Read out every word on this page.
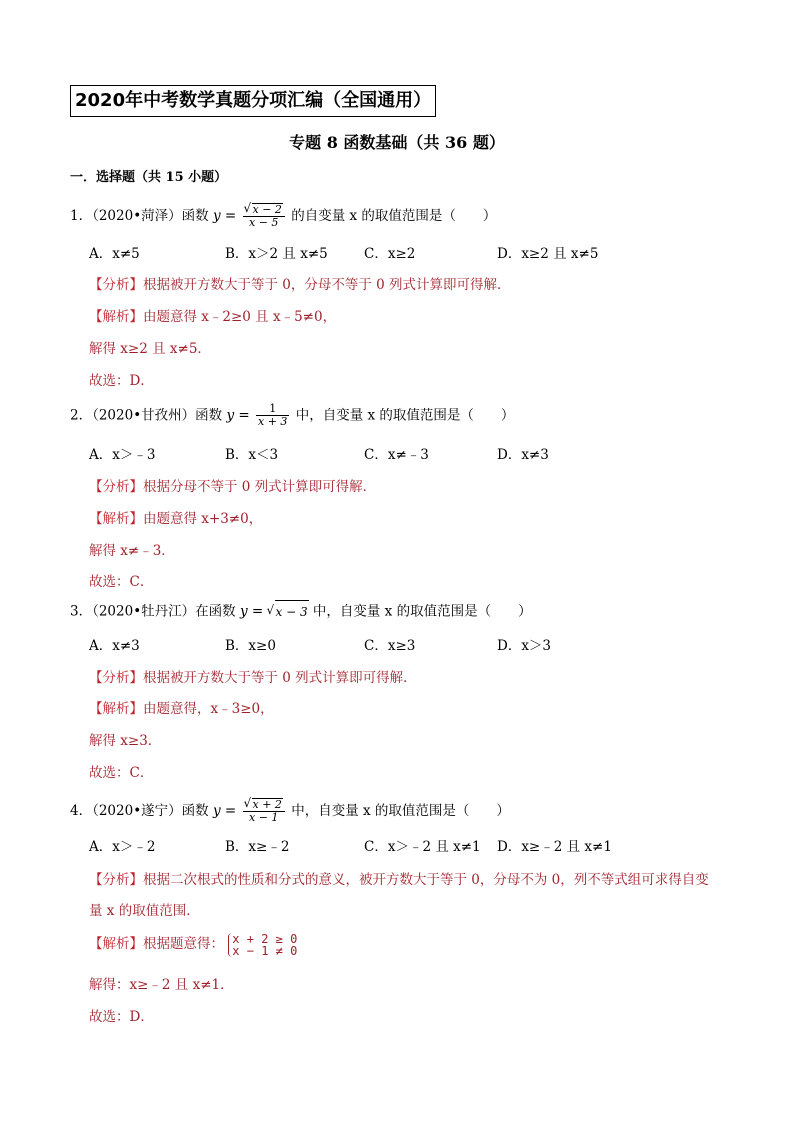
2020年中考数学真题分项汇编（全国通用）
专题 8 函数基础（共 36 题）
一．选择题（共 15 小题）
1．（2020•菏泽）函数 y = √ $\frac{x - 2}{x - 5}$ 的自变量 x 的取值范围是（　　）
A．x≠5	B．x＞2 且 x≠5	C．x≥2	D．x≥2 且 x≠5
【分析】根据被开方数大于等于 0，分母不等于 0 列式计算即可得解．
【解析】由题意得 x﹣2≥0 且 x﹣5≠0，
解得 x≥2 且 x≠5．
故选：D．
2．（2020•甘孜州）函数 $y = \frac{1}{x + 3}$ 中，自变量 x 的取值范围是（　　）
A．x＞﹣3	B．x＜3	C．x≠﹣3	D．x≠3
【分析】根据分母不等于 0 列式计算即可得解．
【解析】由题意得 x+3≠0，
解得 x≠﹣3．
故选：C．
3．（2020•牡丹江）在函数 y = √ x − 3 中，自变量 x 的取值范围是（　　）
A．x≠3	B．x≥0	C．x≥3	D．x＞3
【分析】根据被开方数大于等于 0 列式计算即可得解．
【解析】由题意得，x﹣3≥0，
解得 x≥3．
故选：C．
4．（2020•遂宁）函数 y = √ $\frac{x + 2}{x - 1}$ 中，自变量 x 的取值范围是（　　）
A．x＞﹣2	B．x≥﹣2	C．x＞﹣2 且 x≠1 D．x≥﹣2 且 x≠1
【分析】根据二次根式的性质和分式的意义，被开方数大于等于 0，分母不为 0，列不等式组可求得自变
量 x 的取值范围．
【解析】根据题意得： x + 2 ≥ 0
x − 1 ≠ 0
解得：x≥﹣2 且 x≠1．
故选：D．
